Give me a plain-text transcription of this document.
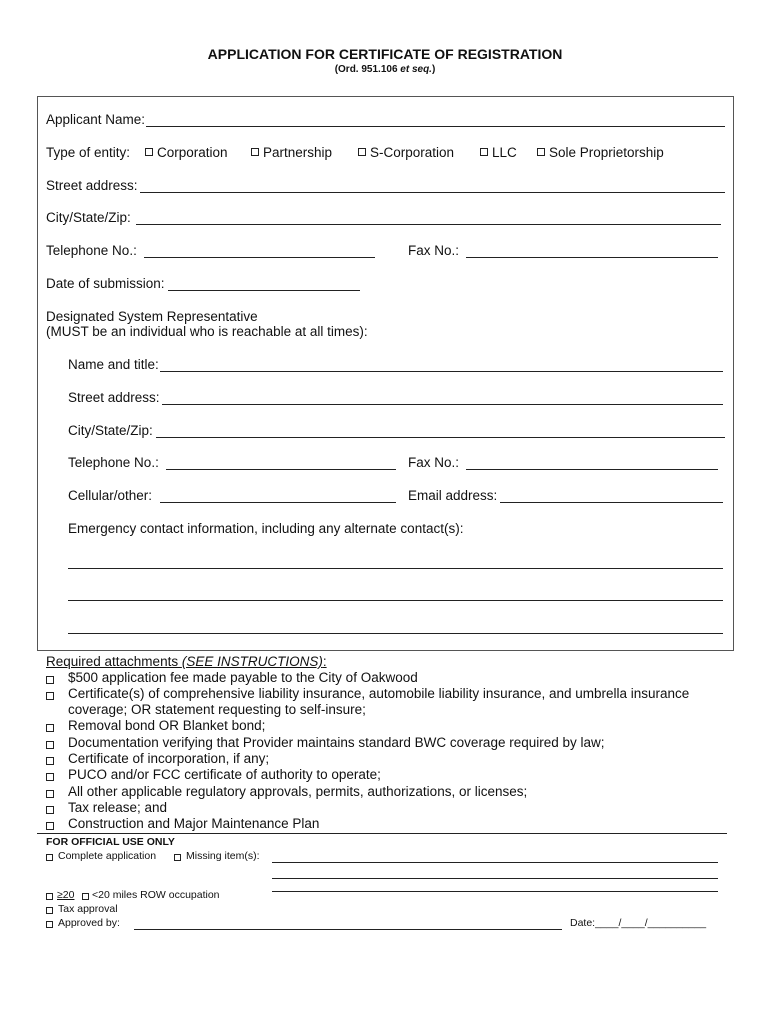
APPLICATION FOR CERTIFICATE OF REGISTRATION
(Ord. 951.106 et seq.)
Applicant Name:
Type of entity:	Corporation	Partnership	S-Corporation	LLC	Sole Proprietorship
Street address:
City/State/Zip:
Telephone No.:	Fax No.:
Date of submission:
Designated System Representative
(MUST be an individual who is reachable at all times):
Name and title:
Street address:
City/State/Zip:
Telephone No.:	Fax No.:
Cellular/other:	Email address:
Emergency contact information, including any alternate contact(s):
Required attachments (SEE INSTRUCTIONS):
$500 application fee made payable to the City of Oakwood
Certificate(s) of comprehensive liability insurance, automobile liability insurance, and umbrella insurance
coverage; OR statement requesting to self-insure;
Removal bond OR Blanket bond;
Documentation verifying that Provider maintains standard BWC coverage required by law;
Certificate of incorporation, if any;
PUCO and/or FCC certificate of authority to operate;
All other applicable regulatory approvals, permits, authorizations, or licenses;
Tax release; and
Construction and Major Maintenance Plan
FOR OFFICIAL USE ONLY
Complete application	Missing item(s):
≥20 <20 miles ROW occupation
Tax approval
Approved by:	Date:____/____/__________
